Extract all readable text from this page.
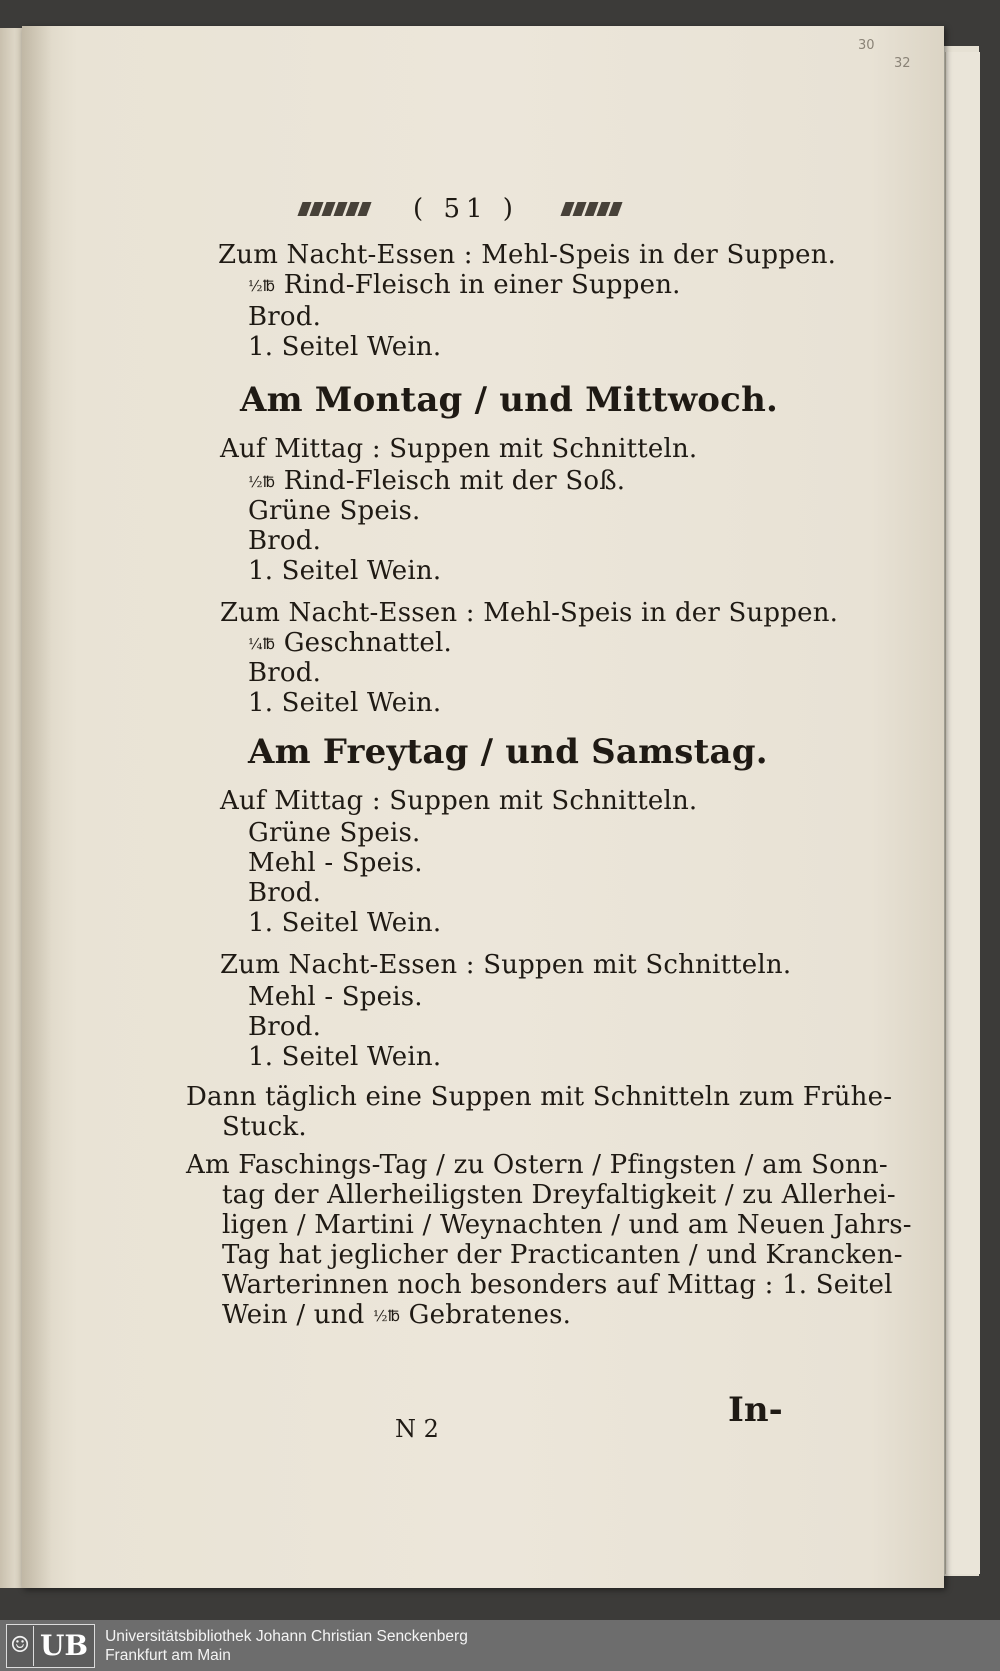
30
32
( 51 )
Zum Nacht-Essen : Mehl-Speis in der Suppen.
½℔ Rind-Fleisch in einer Suppen.
Brod.
1. Seitel Wein.
Am Montag / und Mittwoch.
Auf Mittag : Suppen mit Schnitteln.
½℔ Rind-Fleisch mit der Soß.
Grüne Speis.
Brod.
1. Seitel Wein.
Zum Nacht-Essen : Mehl-Speis in der Suppen.
¼℔ Geschnattel.
Brod.
1. Seitel Wein.
Am Freytag / und Samstag.
Auf Mittag : Suppen mit Schnitteln.
Grüne Speis.
Mehl - Speis.
Brod.
1. Seitel Wein.
Zum Nacht-Essen : Suppen mit Schnitteln.
Mehl - Speis.
Brod.
1. Seitel Wein.
Dann täglich eine Suppen mit Schnitteln zum Frühe-
Stuck.
Am Faschings-Tag / zu Ostern / Pfingsten / am Sonn-
tag der Allerheiligsten Dreyfaltigkeit / zu Allerhei-
ligen / Martini / Weynachten / und am Neuen Jahrs-
Tag hat jeglicher der Practicanten / und Krancken-
Warterinnen noch besonders auf Mittag : 1. Seitel
Wein / und ½℔ Gebratenes.
N 2	In-
☺ UB	Universitätsbibliothek Johann Christian Senckenberg
Frankfurt am Main
